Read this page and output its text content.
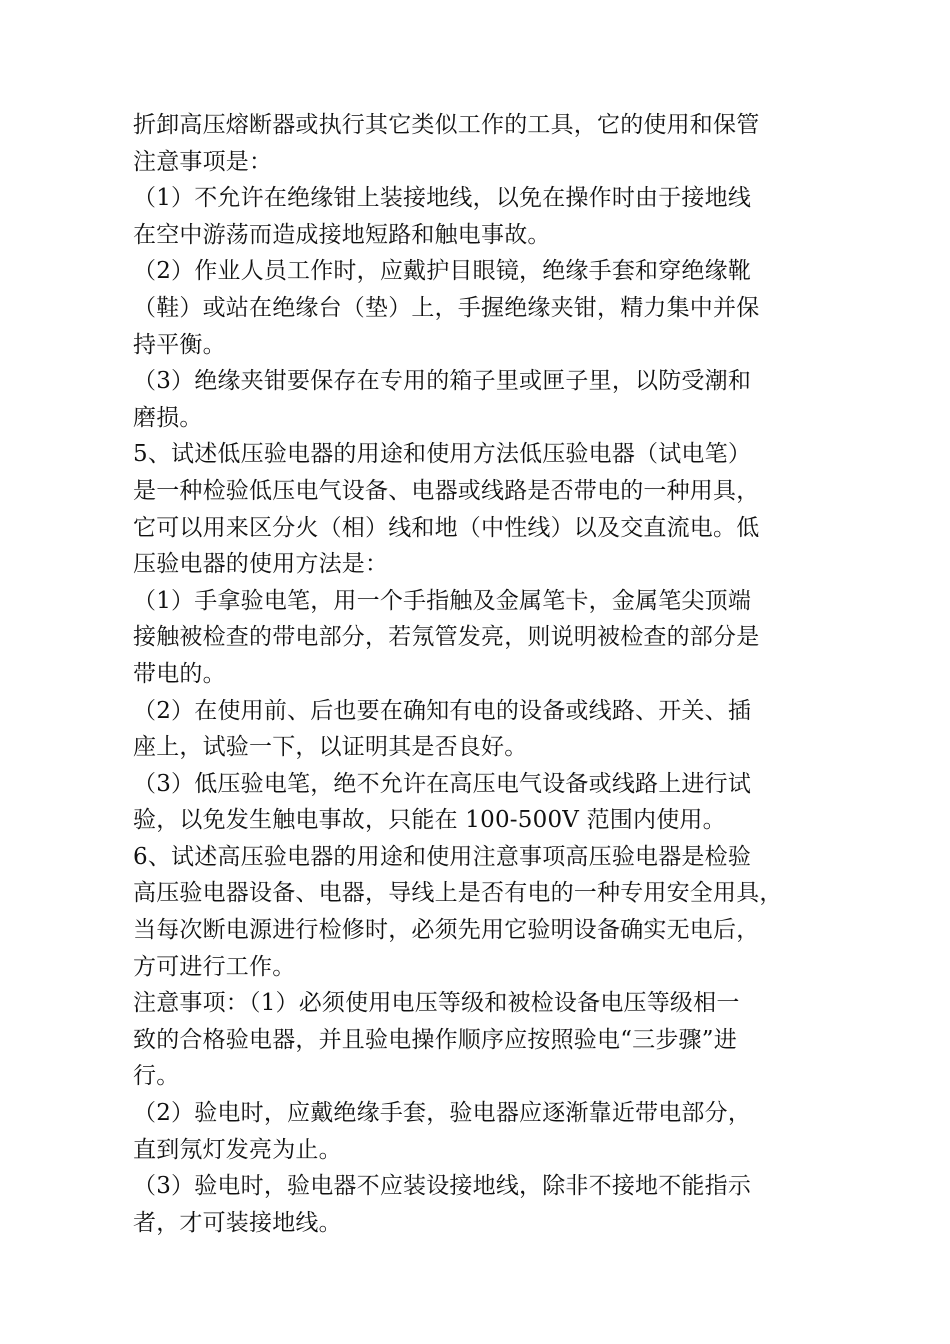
折卸高压熔断器或执行其它类似工作的工具，它的使用和保管
注意事项是：

（1）不允许在绝缘钳上装接地线，以免在操作时由于接地线
在空中游荡而造成接地短路和触电事故。

（2）作业人员工作时，应戴护目眼镜，绝缘手套和穿绝缘靴
（鞋）或站在绝缘台（垫）上，手握绝缘夹钳，精力集中并保
持平衡。

（3）绝缘夹钳要保存在专用的箱子里或匣子里，以防受潮和
磨损。

5、试述低压验电器的用途和使用方法低压验电器（试电笔）
是一种检验低压电气设备、电器或线路是否带电的一种用具，
它可以用来区分火（相）线和地（中性线）以及交直流电。低
压验电器的使用方法是：

（1）手拿验电笔，用一个手指触及金属笔卡，金属笔尖顶端
接触被检查的带电部分，若氖管发亮，则说明被检查的部分是
带电的。

（2）在使用前、后也要在确知有电的设备或线路、开关、插
座上，试验一下，以证明其是否良好。

（3）低压验电笔，绝不允许在高压电气设备或线路上进行试
验，以免发生触电事故，只能在 100-500V 范围内使用。

6、试述高压验电器的用途和使用注意事项高压验电器是检验
高压验电器设备、电器，导线上是否有电的一种专用安全用具，
当每次断电源进行检修时，必须先用它验明设备确实无电后，
方可进行工作。

注意事项：（1）必须使用电压等级和被检设备电压等级相一
致的合格验电器，并且验电操作顺序应按照验电“三步骤”进
行。

（2）验电时，应戴绝缘手套，验电器应逐渐靠近带电部分，
直到氖灯发亮为止。

（3）验电时，验电器不应装设接地线，除非不接地不能指示
者，才可装接地线。
